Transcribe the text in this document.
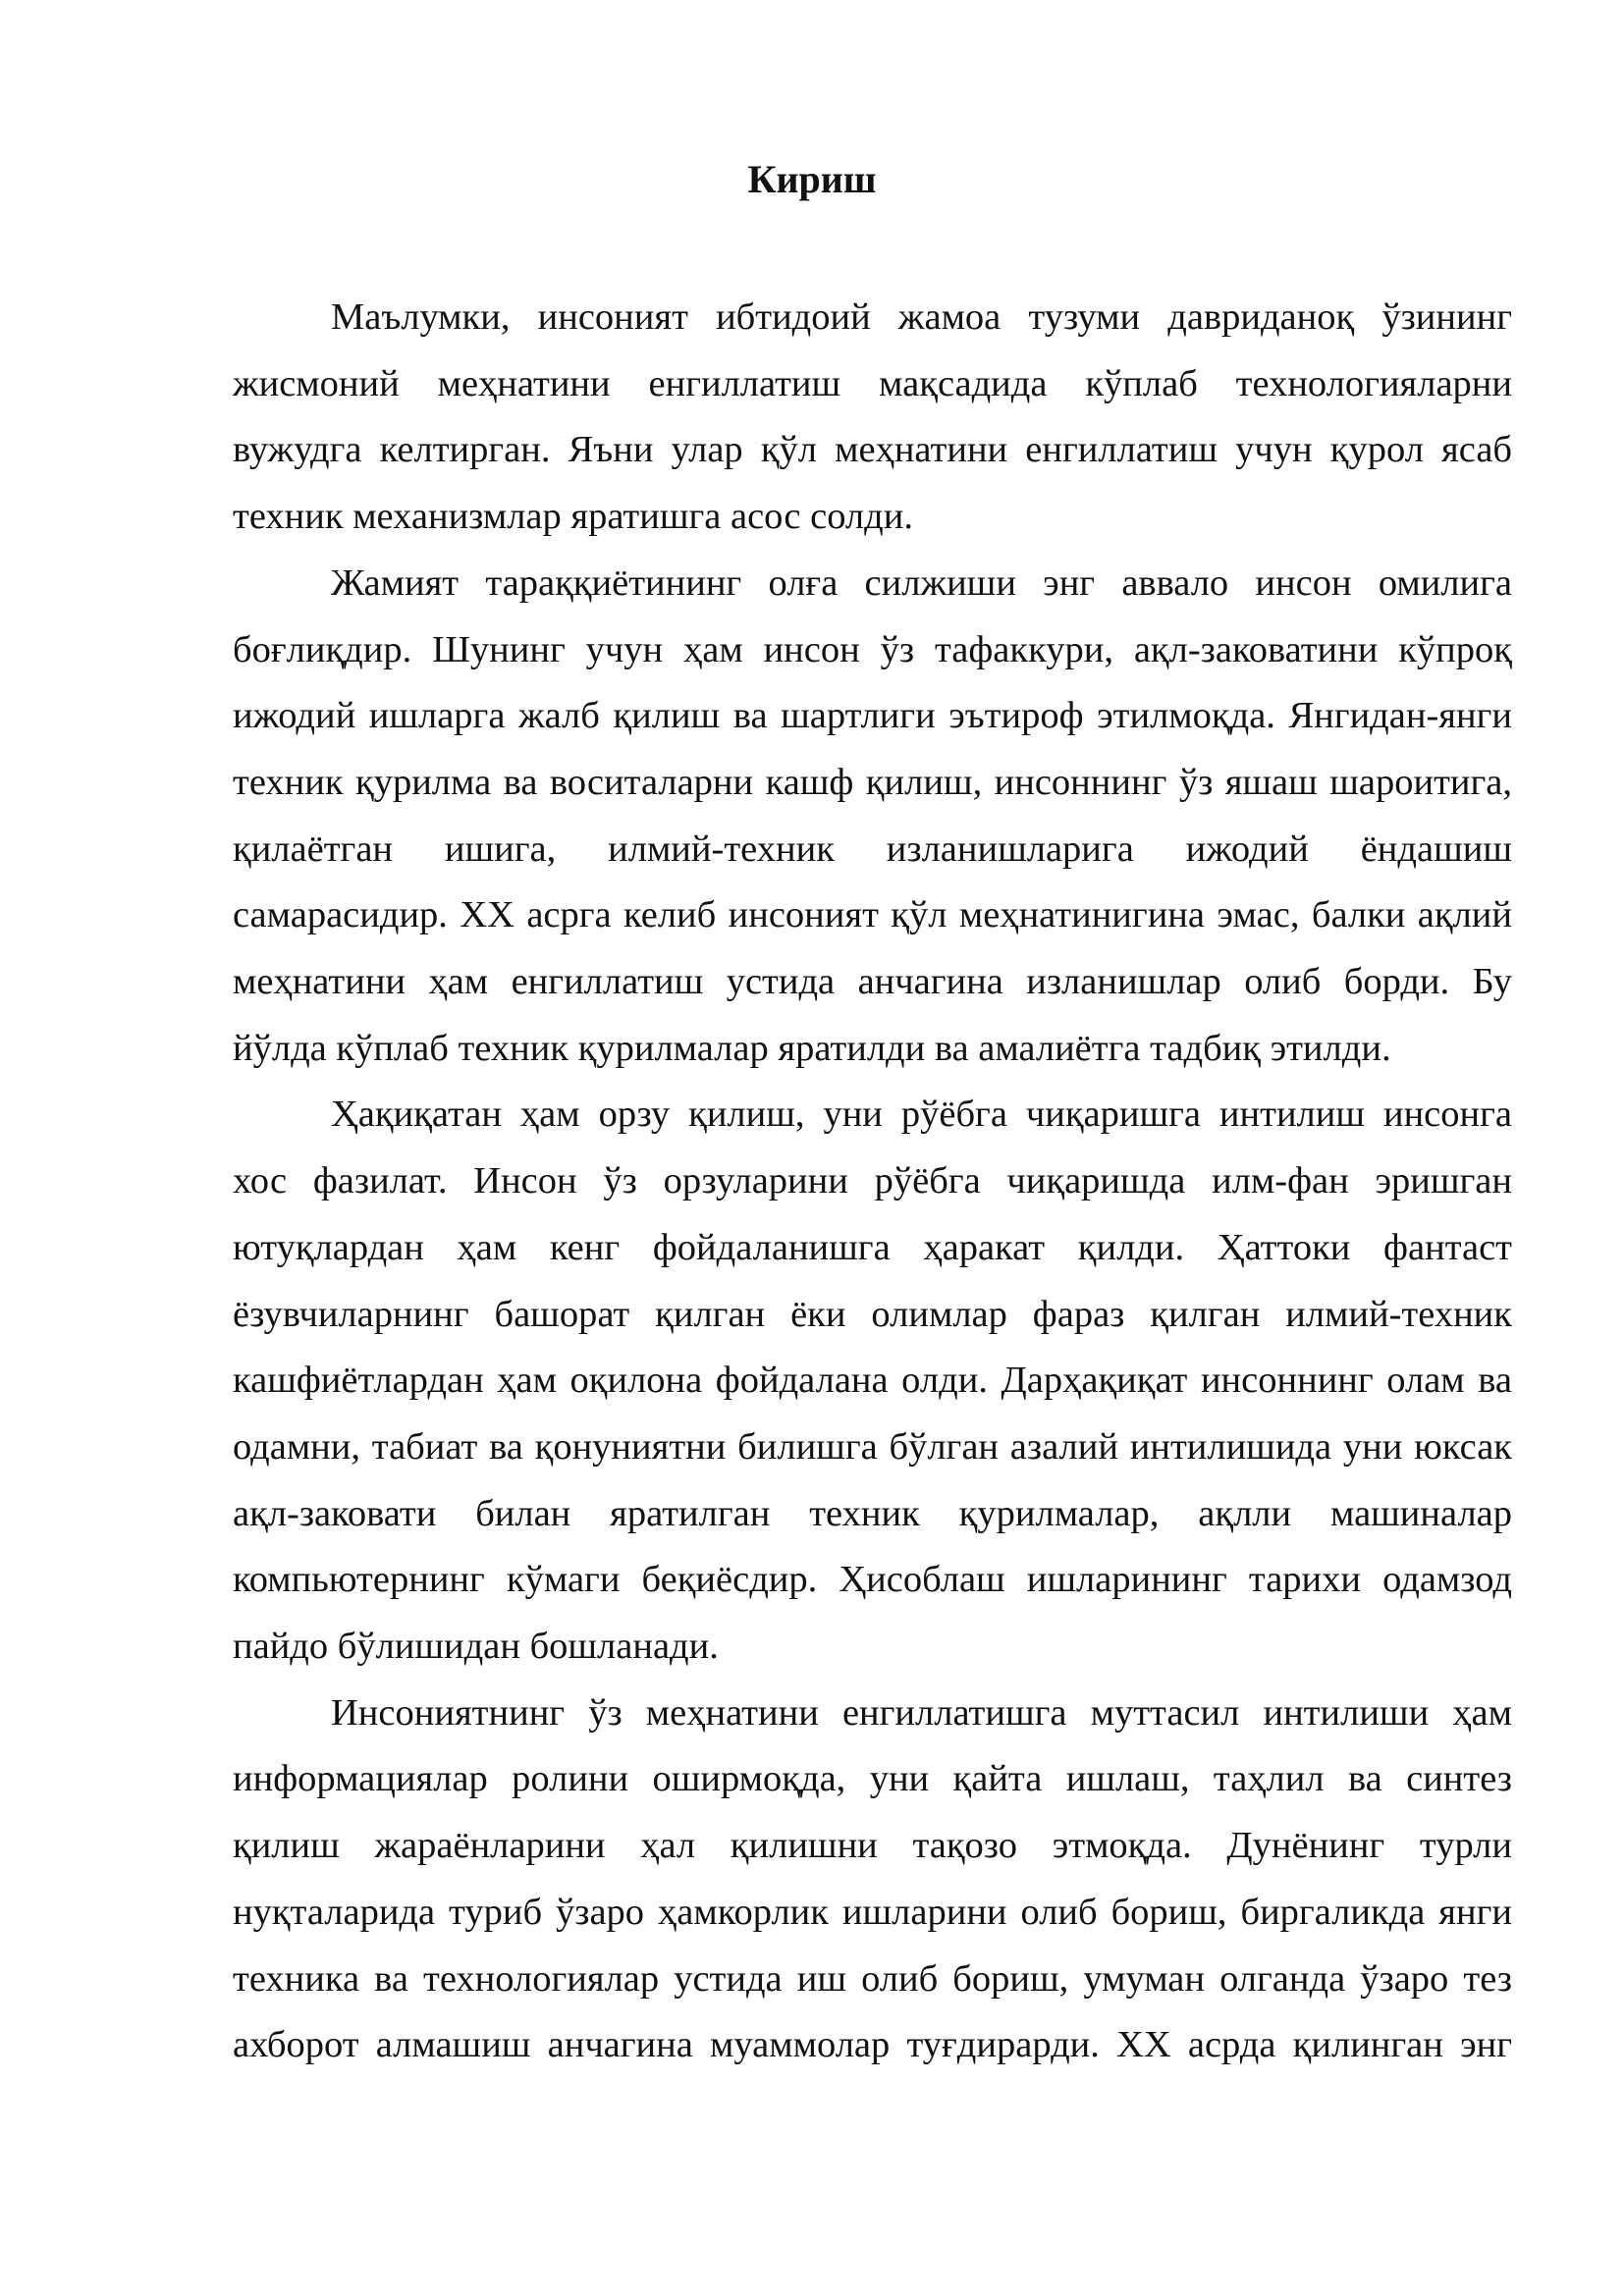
Кириш

Маълумки, инсоният ибтидоий жамоа тузуми давриданоқ ўзининг
жисмоний меҳнатини енгиллатиш мақсадида кўплаб технологияларни
вужудга келтирган. Яъни улар қўл меҳнатини енгиллатиш учун қурол ясаб
техник механизмлар яратишга асос солди.

Жамият тараққиётининг олға силжиши энг аввало инсон омилига
боғлиқдир. Шунинг учун ҳам инсон ўз тафаккури, ақл-заковатини кўпроқ
ижодий ишларга жалб қилиш ва шартлиги эътироф этилмоқда. Янгидан-янги
техник қурилма ва воситаларни кашф қилиш, инсоннинг ўз яшаш шароитига,
қилаётган ишига, илмий-техник изланишларига ижодий ёндашиш
самарасидир. XX асрга келиб инсоният қўл меҳнатинигина эмас, балки ақлий
меҳнатини ҳам енгиллатиш устида анчагина изланишлар олиб борди. Бу
йўлда кўплаб техник қурилмалар яратилди ва амалиётга тадбиқ этилди.

Ҳақиқатан ҳам орзу қилиш, уни рўёбга чиқаришга интилиш инсонга
хос фазилат. Инсон ўз орзуларини рўёбга чиқаришда илм-фан эришган
ютуқлардан ҳам кенг фойдаланишга ҳаракат қилди. Ҳаттоки фантаст
ёзувчиларнинг башорат қилган ёки олимлар фараз қилган илмий-техник
кашфиётлардан ҳам оқилона фойдалана олди. Дарҳақиқат инсоннинг олам ва
одамни, табиат ва қонуниятни билишга бўлган азалий интилишида уни юксак
ақл-заковати билан яратилган техник қурилмалар, ақлли машиналар
компьютернинг кўмаги беқиёсдир. Ҳисоблаш ишларининг тарихи одамзод
пайдо бўлишидан бошланади.

Инсониятнинг ўз меҳнатини енгиллатишга муттасил интилиши ҳам
информациялар ролини оширмоқда, уни қайта ишлаш, таҳлил ва синтез
қилиш жараёнларини ҳал қилишни тақозо этмоқда. Дунёнинг турли
нуқталарида туриб ўзаро ҳамкорлик ишларини олиб бориш, биргаликда янги
техника ва технологиялар устида иш олиб бориш, умуман олганда ўзаро тез
ахборот алмашиш анчагина муаммолар туғдирарди. XX асрда қилинган энг
